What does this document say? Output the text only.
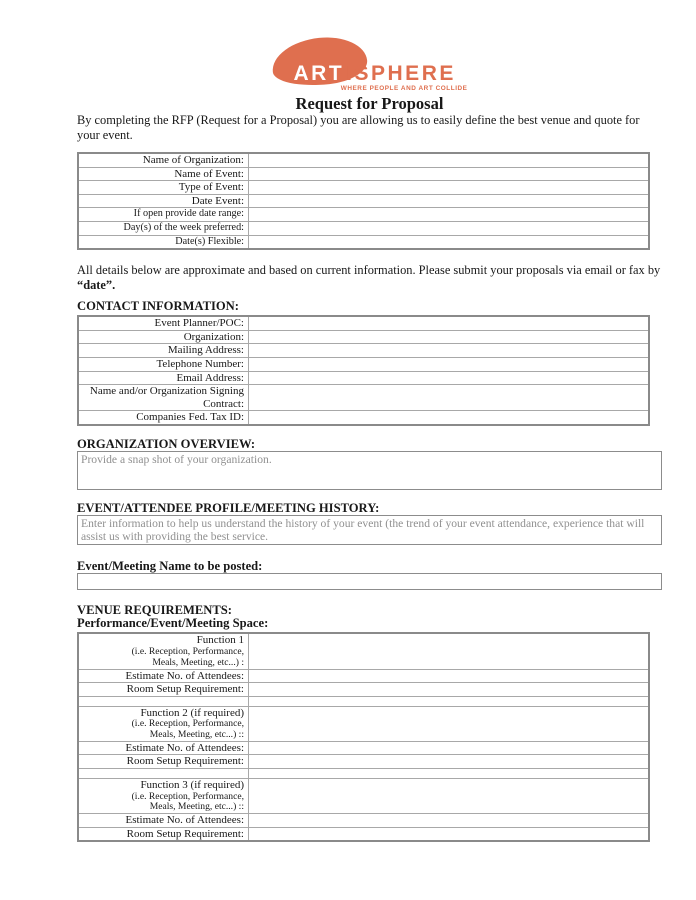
ARTISPHERE
WHERE PEOPLE AND ART COLLIDE
Request for Proposal
By completing the RFP (Request for a Proposal) you are allowing us to easily define the best venue and quote for your event.
Name of Organization:	
Name of Event:	
Type of Event:	
Date Event:	
If open provide date range:	
Day(s) of the week preferred:	
Date(s) Flexible:	
All details below are approximate and based on current information. Please submit your proposals via email or fax by “date”.
CONTACT INFORMATION:
Event Planner/POC:	
Organization:	
Mailing Address:	
Telephone Number:	
Email Address:	
Name and/or Organization Signing Contract:	
Companies Fed. Tax ID:	
ORGANIZATION OVERVIEW:
Provide a snap shot of your organization.
EVENT/ATTENDEE PROFILE/MEETING HISTORY:
Enter information to help us understand the history of your event (the trend of your event attendance, experience that will assist us with providing the best service.
Event/Meeting Name to be posted:
VENUE REQUIREMENTS:
Performance/Event/Meeting Space:
Function 1
(i.e. Reception, Performance,
Meals, Meeting, etc...) :	

Estimate No. of Attendees:	
Room Setup Requirement:	

Function 2 (if required)
(i.e. Reception, Performance,
Meals, Meeting, etc...) ::	

Estimate No. of Attendees:	
Room Setup Requirement:	

Function 3 (if required)
(i.e. Reception, Performance,
Meals, Meeting, etc...) ::	

Estimate No. of Attendees:	
Room Setup Requirement:	
